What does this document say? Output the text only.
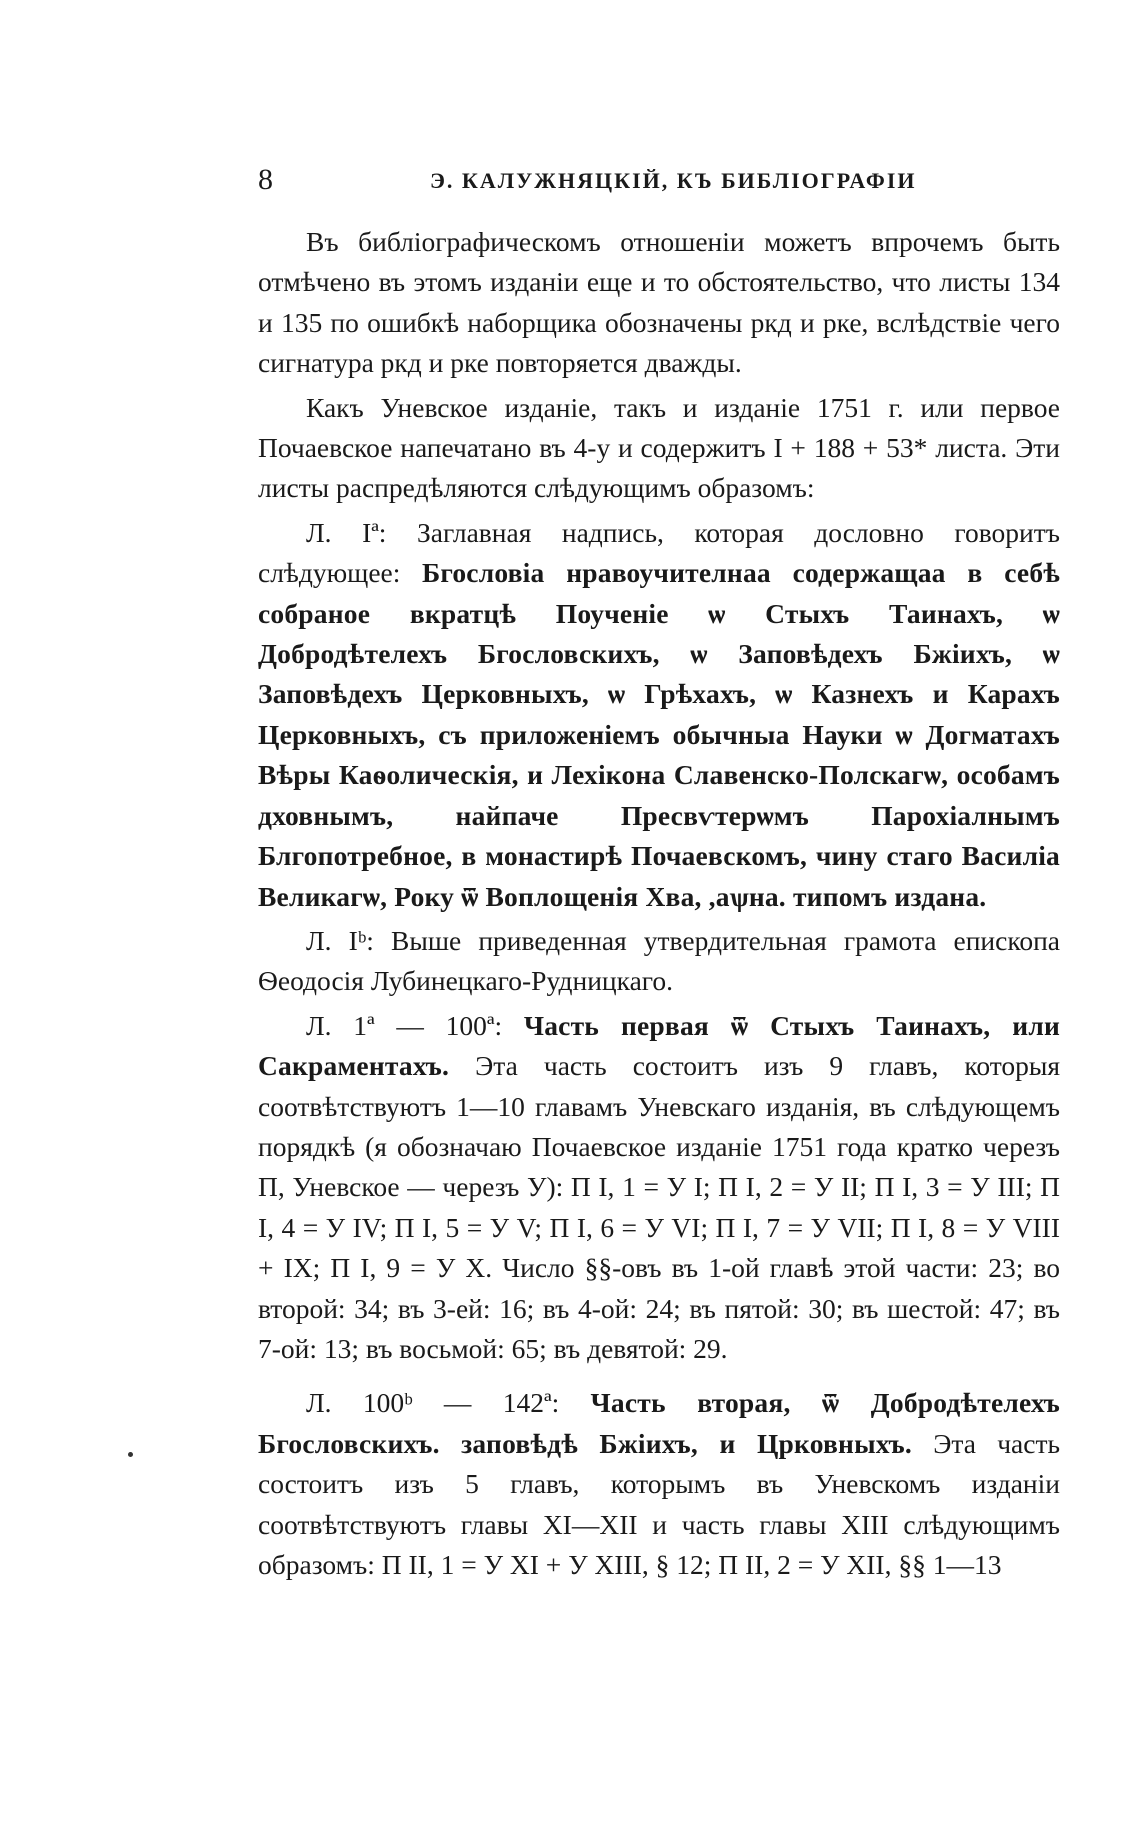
8	Э. КАЛУЖНЯЦКІЙ, КЪ БИБЛІОГРАФІИ

Въ библіографическомъ отношеніи можетъ впрочемъ быть отмѣчено въ этомъ изданіи еще и то обстоятельство, что листы 134 и 135 по ошибкѣ наборщика обозначены ркд и рке, вслѣдствіе чего сигнатура ркд и рке повторяется дважды.

Какъ Уневское изданіе, такъ и изданіе 1751 г. или первое Почаевское напечатано въ 4-у и содержитъ I + 188 + 53* листа. Эти листы распредѣляются слѣдующимъ образомъ:

Л. Iª: Заглавная надпись, которая дословно говоритъ слѣдующее: Бгословіа нравоучителнаа содержащаа в себѣ собраное вкратцѣ Поученіе ѡ Стыхъ Таинахъ, ѡ Добродѣтелехъ Бгословскихъ, ѡ Заповѣдехъ Бжіихъ, ѡ Заповѣдехъ Церковныхъ, ѡ Грѣхахъ, ѡ Казнехъ и Карахъ Церковныхъ, съ приложеніемъ обычныа Науки ѡ Догматахъ Вѣры Каѳолическія, и Лехікона Славенско-Полскагѡ, особамъ дховнымъ, найпаче Пресвѵтерѡмъ Парохіалнымъ Блгопотребное, в монастирѣ Почаевскомъ, чину стаго Василіа Великагѡ, Року ѿ Воплощенія Хва, ,аѱна. типомъ издана.

Л. Iᵇ: Выше приведенная утвердительная грамота епископа Ѳеодосія Лубинецкаго-Рудницкаго.

Л. 1ª — 100ª: Часть первая ѿ Стыхъ Таинахъ, или Сакраментахъ. Эта часть состоитъ изъ 9 главъ, которыя соотвѣтствуютъ 1—10 главамъ Уневскаго изданія, въ слѣдующемъ порядкѣ (я обозначаю Почаевское изданіе 1751 года кратко черезъ П, Уневское — черезъ У): П I, 1 = У I; П I, 2 = У II; П I, 3 = У III; П I, 4 = У IV; П I, 5 = У V; П I, 6 = У VI; П I, 7 = У VII; П I, 8 = У VIII + IX; П I, 9 = У X. Число §§-овъ въ 1-ой главѣ этой части: 23; во второй: 34; въ 3-ей: 16; въ 4-ой: 24; въ пятой: 30; въ шестой: 47; въ 7-ой: 13; въ восьмой: 65; въ девятой: 29.

Л. 100ᵇ — 142ª: Часть вторая, ѿ Добродѣтелехъ Бгословскихъ. заповѣдѣ Бжіихъ, и Црковныхъ. Эта часть состоитъ изъ 5 главъ, которымъ въ Уневскомъ изданіи соотвѣтствуютъ главы XI—XII и часть главы XIII слѣдующимъ образомъ: П II, 1 = У XI + У XIII, § 12; П II, 2 = У XII, §§ 1—13
